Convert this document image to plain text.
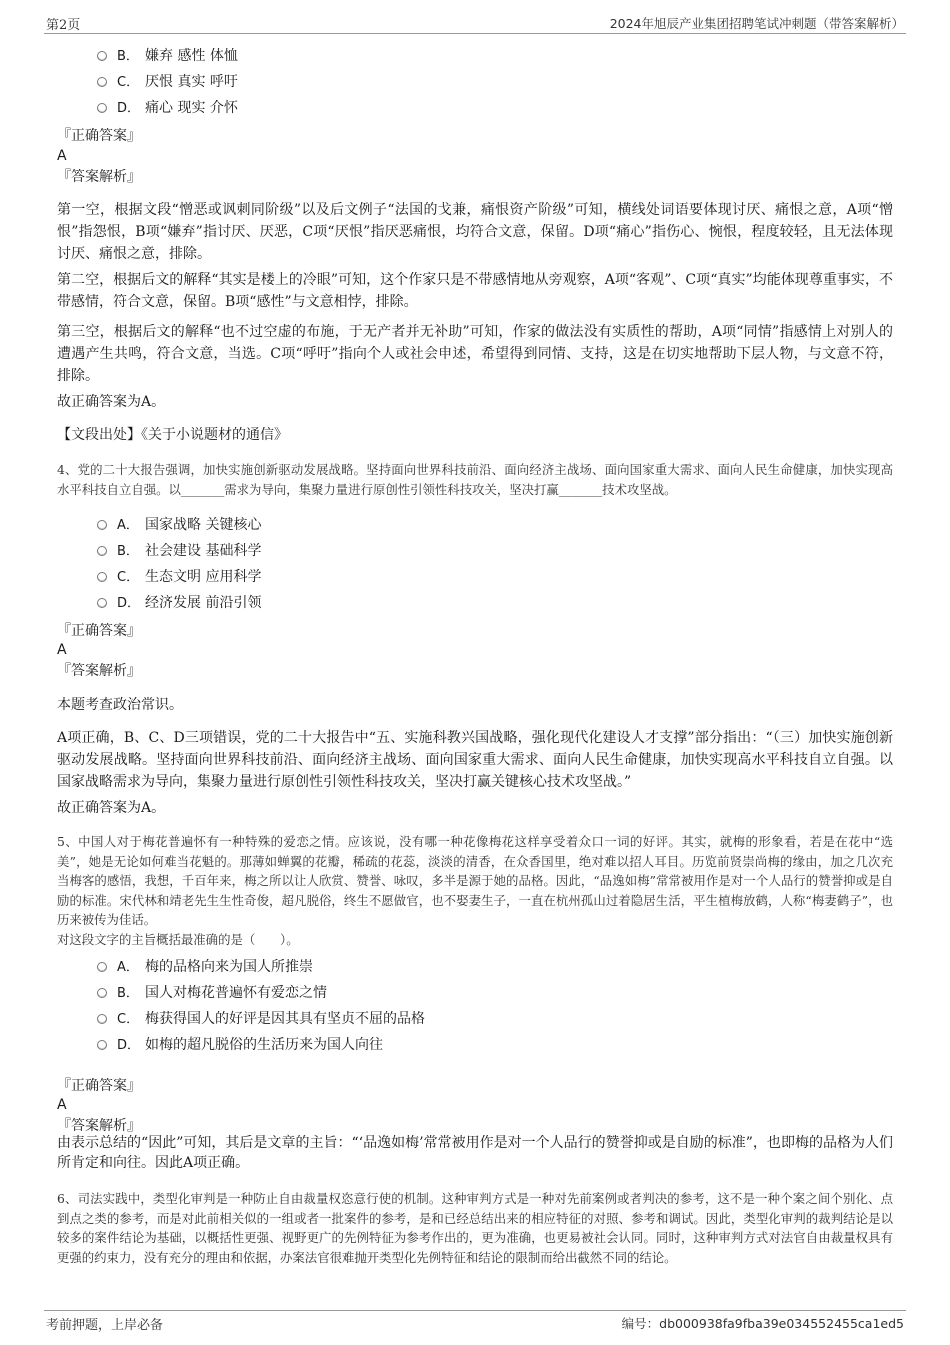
第2页	2024年旭辰产业集团招聘笔试冲刺题（带答案解析）
B． 嫌弃 感性 体恤
C． 厌恨 真实 呼吁
D． 痛心 现实 介怀
『正确答案』
A
『答案解析』
第一空，根据文段“憎恶或讽刺同阶级”以及后文例子“法国的戈兼，痛恨资产阶级”可知，横线处词语要体现讨厌、痛恨之意，A项“憎恨”指怨恨，B项“嫌弃”指讨厌、厌恶，C项“厌恨”指厌恶痛恨，均符合文意，保留。D项“痛心”指伤心、惋恨，程度较轻，且无法体现讨厌、痛恨之意，排除。
第二空，根据后文的解释“其实是楼上的冷眼”可知，这个作家只是不带感情地从旁观察，A项“客观”、C项“真实”均能体现尊重事实，不带感情，符合文意，保留。B项“感性”与文意相悖，排除。
第三空，根据后文的解释“也不过空虚的布施，于无产者并无补助”可知，作家的做法没有实质性的帮助，A项“同情”指感情上对别人的遭遇产生共鸣，符合文意，当选。C项“呼吁”指向个人或社会申述，希望得到同情、支持，这是在切实地帮助下层人物，与文意不符，排除。
故正确答案为A。
【文段出处】《关于小说题材的通信》
4、党的二十大报告强调，加快实施创新驱动发展战略。坚持面向世界科技前沿、面向经济主战场、面向国家重大需求、面向人民生命健康，加快实现高水平科技自立自强。以_______需求为导向，集聚力量进行原创性引领性科技攻关，坚决打赢_______技术攻坚战。
A． 国家战略 关键核心
B． 社会建设 基础科学
C． 生态文明 应用科学
D． 经济发展 前沿引领
『正确答案』
A
『答案解析』
本题考查政治常识。
A项正确，B、C、D三项错误，党的二十大报告中“五、实施科教兴国战略，强化现代化建设人才支撑”部分指出：“（三）加快实施创新驱动发展战略。坚持面向世界科技前沿、面向经济主战场、面向国家重大需求、面向人民生命健康，加快实现高水平科技自立自强。以国家战略需求为导向，集聚力量进行原创性引领性科技攻关，坚决打赢关键核心技术攻坚战。”
故正确答案为A。
5、中国人对于梅花普遍怀有一种特殊的爱恋之情。应该说，没有哪一种花像梅花这样享受着众口一词的好评。其实，就梅的形象看，若是在花中“选美”，她是无论如何难当花魁的。那薄如蝉翼的花瓣，稀疏的花蕊，淡淡的清香，在众香国里，绝对难以招人耳目。历览前贤崇尚梅的缘由，加之几次充当梅客的感悟，我想，千百年来，梅之所以让人欣赏、赞誉、咏叹，多半是源于她的品格。因此，“品逸如梅”常常被用作是对一个人品行的赞誉抑或是自励的标准。宋代林和靖老先生生性奇俊，超凡脱俗，终生不愿做官，也不娶妻生子，一直在杭州孤山过着隐居生活，平生植梅放鹤，人称“梅妻鹤子”，也历来被传为佳话。
对这段文字的主旨概括最准确的是（　　）。
A． 梅的品格向来为国人所推崇
B． 国人对梅花普遍怀有爱恋之情
C． 梅获得国人的好评是因其具有坚贞不屈的品格
D． 如梅的超凡脱俗的生活历来为国人向往
『正确答案』
A
『答案解析』
由表示总结的“因此”可知，其后是文章的主旨：“‘品逸如梅’常常被用作是对一个人品行的赞誉抑或是自励的标准”，也即梅的品格为人们所肯定和向往。因此A项正确。
6、司法实践中，类型化审判是一种防止自由裁量权恣意行使的机制。这种审判方式是一种对先前案例或者判决的参考，这不是一种个案之间个别化、点到点之类的参考，而是对此前相关似的一组或者一批案件的参考，是和已经总结出来的相应特征的对照、参考和调试。因此，类型化审判的裁判结论是以较多的案件结论为基础，以概括性更强、视野更广的先例特征为参考作出的，更为准确，也更易被社会认同。同时，这种审判方式对法官自由裁量权具有更强的约束力，没有充分的理由和依据，办案法官很难抛开类型化先例特征和结论的限制而给出截然不同的结论。
考前押题，上岸必备	编号：db000938fa9fba39e034552455ca1ed5
